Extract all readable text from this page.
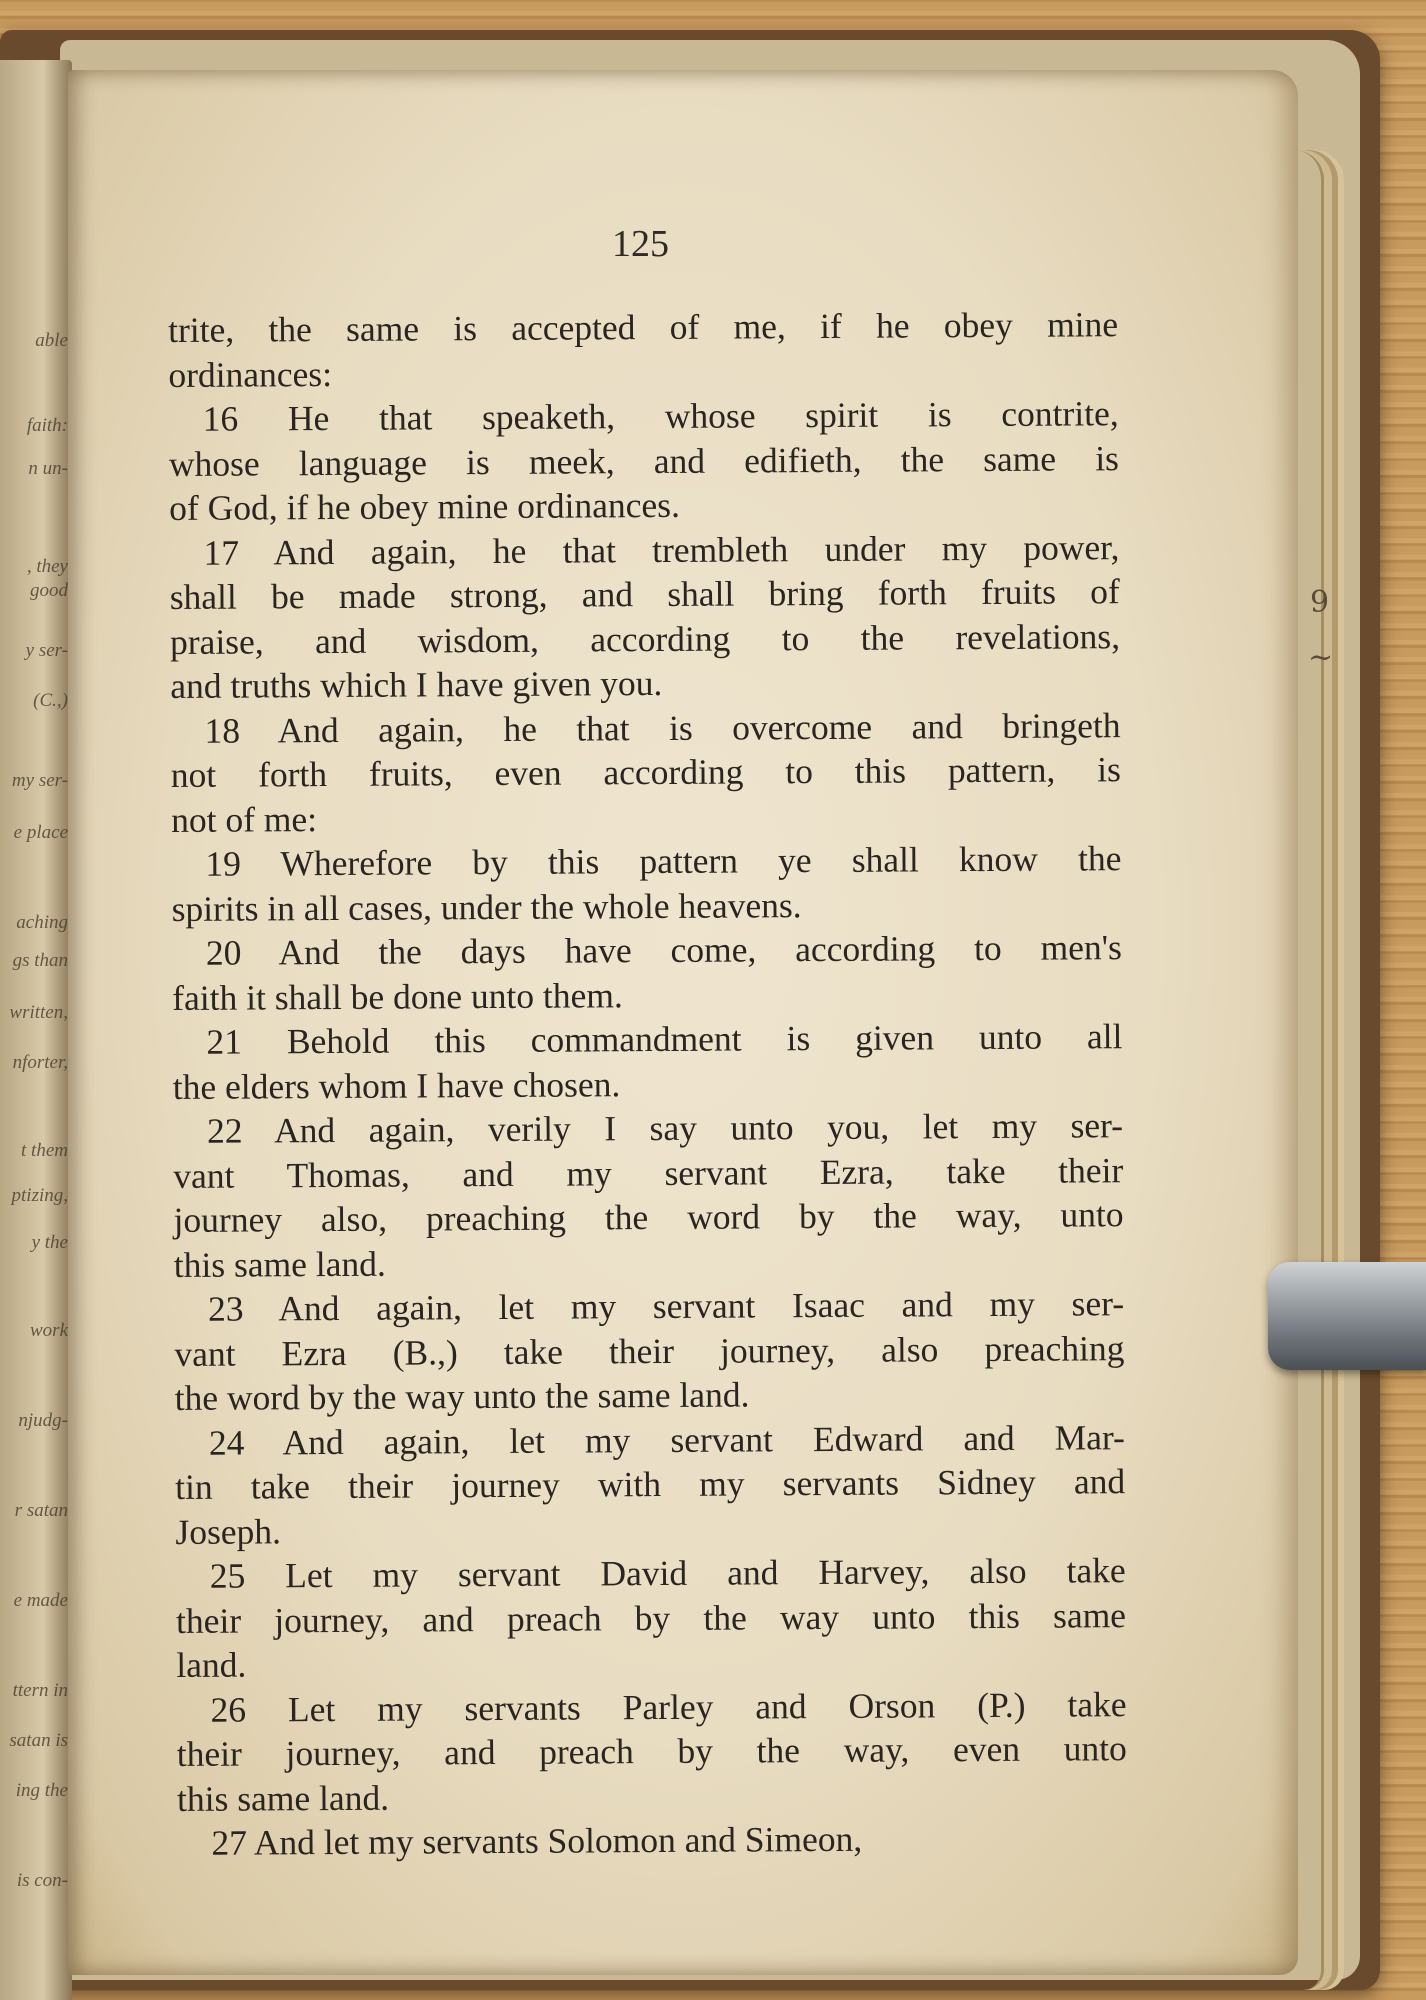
able
faith:
n un-
, they
good
y ser-
(C.,)
my ser-
e place
aching
gs than
written,
nforter,
t them
ptizing,
y the
work
njudg-
r satan
e made
ttern in
satan is
ing the
is con-
125
trite, the same is accepted of me, if he obey mine
ordinances:
16 He that speaketh, whose spirit is contrite,
whose language is meek, and edifieth, the same is
of God, if he obey mine ordinances.
17 And again, he that trembleth under my power,
shall be made strong, and shall bring forth fruits of
praise, and wisdom, according to the revelations,
and truths which I have given you.
18 And again, he that is overcome and bringeth
not forth fruits, even according to this pattern, is
not of me:
19 Wherefore by this pattern ye shall know the
spirits in all cases, under the whole heavens.
20 And the days have come, according to men's
faith it shall be done unto them.
21 Behold this commandment is given unto all
the elders whom I have chosen.
22 And again, verily I say unto you, let my ser-
vant Thomas, and my servant Ezra, take their
journey also, preaching the word by the way, unto
this same land.
23 And again, let my servant Isaac and my ser-
vant Ezra (B.,) take their journey, also preaching
the word by the way unto the same land.
24 And again, let my servant Edward and Mar-
tin take their journey with my servants Sidney and
Joseph.
25 Let my servant David and Harvey, also take
their journey, and preach by the way unto this same
land.
26 Let my servants Parley and Orson (P.) take
their journey, and preach by the way, even unto
this same land.
27 And let my servants Solomon and Simeon,
9
~
